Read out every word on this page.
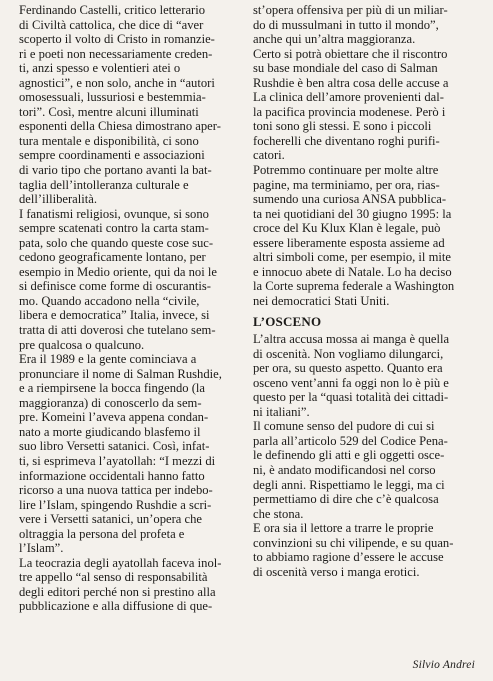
Ferdinando Castelli, critico letterario
di Civiltà cattolica, che dice di “aver
scoperto il volto di Cristo in romanzie-
ri e poeti non necessariamente creden-
ti, anzi spesso e volentieri atei o
agnostici”, e non solo, anche in “autori
omosessuali, lussuriosi e bestemmia-
tori”. Così, mentre alcuni illuminati
esponenti della Chiesa dimostrano aper-
tura mentale e disponibilità, ci sono
sempre coordinamenti e associazioni
di vario tipo che portano avanti la bat-
taglia dell’intolleranza culturale e
dell’illiberalità.
I fanatismi religiosi, ovunque, si sono
sempre scatenati contro la carta stam-
pata, solo che quando queste cose suc-
cedono geograficamente lontano, per
esempio in Medio oriente, qui da noi le
si definisce come forme di oscurantis-
mo. Quando accadono nella “civile,
libera e democratica” Italia, invece, si
tratta di atti doverosi che tutelano sem-
pre qualcosa o qualcuno.
Era il 1989 e la gente cominciava a
pronunciare il nome di Salman Rushdie,
e a riempirsene la bocca fingendo (la
maggioranza) di conoscerlo da sem-
pre. Komeini l’aveva appena condan-
nato a morte giudicando blasfemo il
suo libro Versetti satanici. Così, infat-
ti, si esprimeva l’ayatollah: “I mezzi di
informazione occidentali hanno fatto
ricorso a una nuova tattica per indebo-
lire l’Islam, spingendo Rushdie a scri-
vere i Versetti satanici, un’opera che
oltraggia la persona del profeta e
l’Islam”.
La teocrazia degli ayatollah faceva inol-
tre appello “al senso di responsabilità
degli editori perché non si prestino alla
pubblicazione e alla diffusione di que-
st’opera offensiva per più di un miliar-
do di mussulmani in tutto il mondo”,
anche qui un’altra maggioranza.
Certo si potrà obiettare che il riscontro
su base mondiale del caso di Salman
Rushdie è ben altra cosa delle accuse a
La clinica dell’amore provenienti dal-
la pacifica provincia modenese. Però i
toni sono gli stessi. E sono i piccoli
focherelli che diventano roghi purifi-
catori.
Potremmo continuare per molte altre
pagine, ma terminiamo, per ora, rias-
sumendo una curiosa ANSA pubblica-
ta nei quotidiani del 30 giugno 1995: la
croce del Ku Klux Klan è legale, può
essere liberamente esposta assieme ad
altri simboli come, per esempio, il mite
e innocuo abete di Natale. Lo ha deciso
la Corte suprema federale a Washington
nei democratici Stati Uniti.
L’OSCENO
L’altra accusa mossa ai manga è quella
di oscenità. Non vogliamo dilungarci,
per ora, su questo aspetto. Quanto era
osceno vent’anni fa oggi non lo è più e
questo per la “quasi totalità dei cittadi-
ni italiani”.
Il comune senso del pudore di cui si
parla all’articolo 529 del Codice Pena-
le definendo gli atti e gli oggetti osce-
ni, è andato modificandosi nel corso
degli anni. Rispettiamo le leggi, ma ci
permettiamo di dire che c’è qualcosa
che stona.
E ora sia il lettore a trarre le proprie
convinzioni su chi vilipende, e su quan-
to abbiamo ragione d’essere le accuse
di oscenità verso i manga erotici.
Silvio Andrei
